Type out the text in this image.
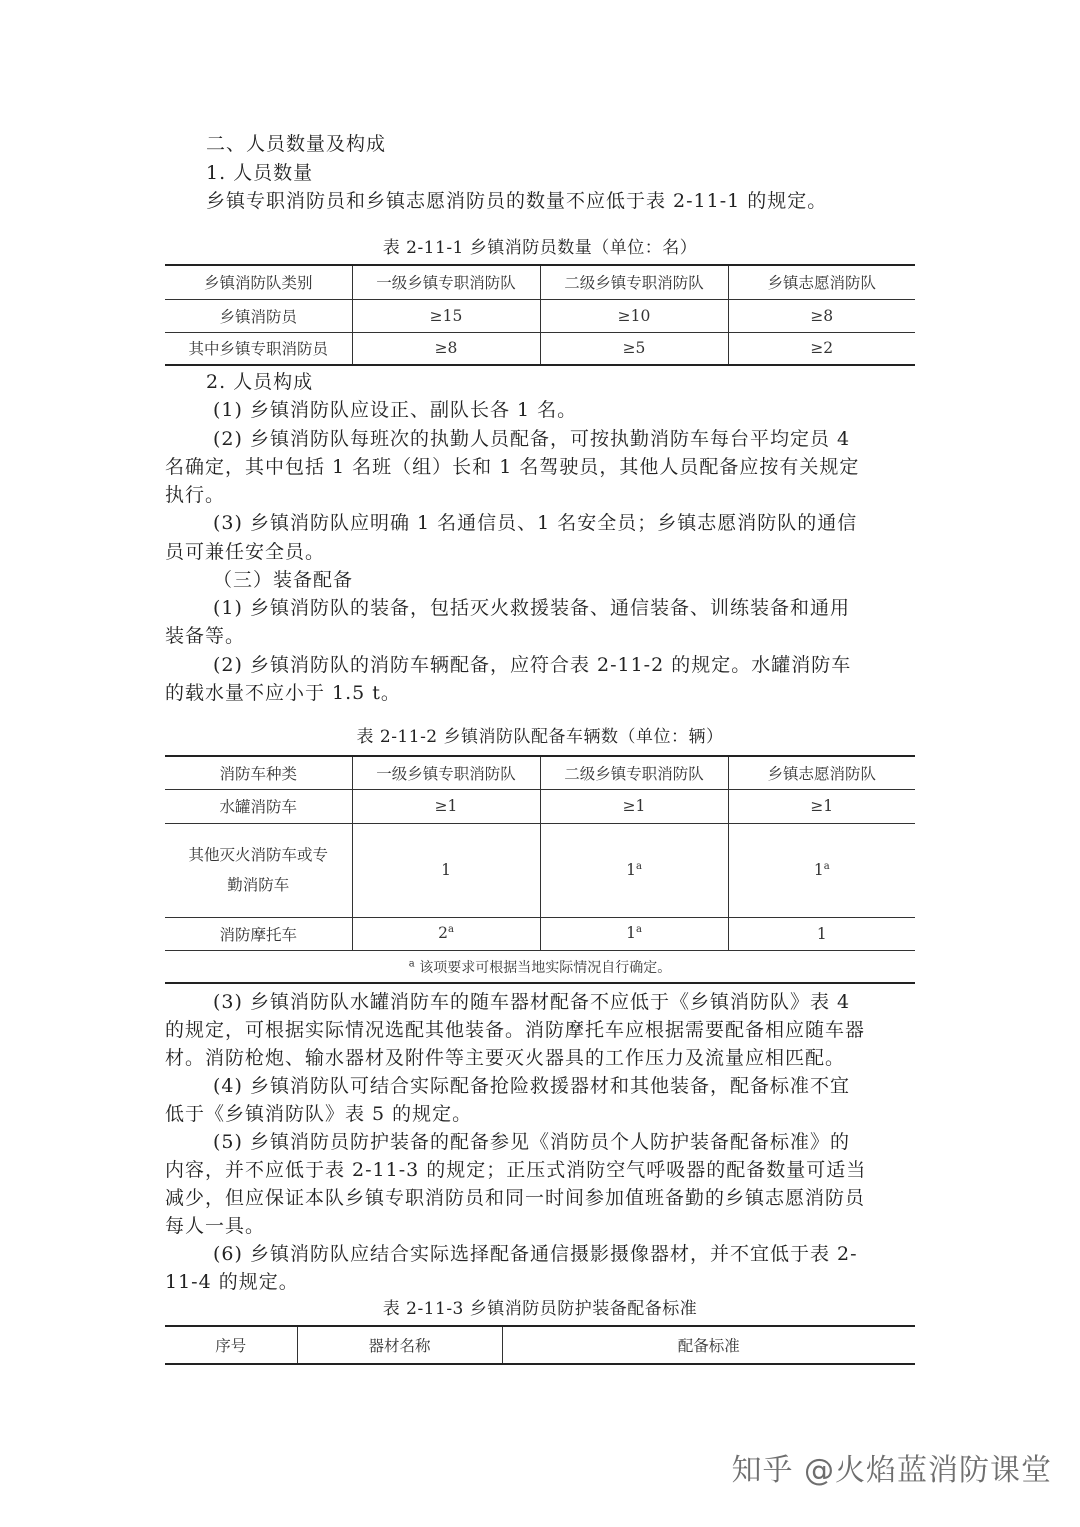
二、人员数量及构成
1. 人员数量
乡镇专职消防员和乡镇志愿消防员的数量不应低于表 2-11-1 的规定。
表 2-11-1 乡镇消防员数量（单位：名）
乡镇消防队类别	一级乡镇专职消防队	二级乡镇专职消防队	乡镇志愿消防队
乡镇消防员	≥15	≥10	≥8
其中乡镇专职消防员	≥8	≥5	≥2
2. 人员构成
(1) 乡镇消防队应设正、副队长各 1 名。
(2) 乡镇消防队每班次的执勤人员配备，可按执勤消防车每台平均定员 4
名确定，其中包括 1 名班（组）长和 1 名驾驶员，其他人员配备应按有关规定
执行。
(3) 乡镇消防队应明确 1 名通信员、1 名安全员；乡镇志愿消防队的通信
员可兼任安全员。
（三）装备配备
(1) 乡镇消防队的装备，包括灭火救援装备、通信装备、训练装备和通用
装备等。
(2) 乡镇消防队的消防车辆配备，应符合表 2-11-2 的规定。水罐消防车
的载水量不应小于 1.5 t。
表 2-11-2 乡镇消防队配备车辆数（单位：辆）
消防车种类	一级乡镇专职消防队	二级乡镇专职消防队	乡镇志愿消防队
水罐消防车	≥1	≥1	≥1

其他灭火消防车或专
勤消防车	1	1$^a$	1$^a$
消防摩托车	2$^a$	1$^a$	1
$^a$ 该项要求可根据当地实际情况自行确定。
(3) 乡镇消防队水罐消防车的随车器材配备不应低于《乡镇消防队》表 4
的规定，可根据实际情况选配其他装备。消防摩托车应根据需要配备相应随车器
材。消防枪炮、输水器材及附件等主要灭火器具的工作压力及流量应相匹配。
(4) 乡镇消防队可结合实际配备抢险救援器材和其他装备，配备标准不宜
低于《乡镇消防队》表 5 的规定。
(5) 乡镇消防员防护装备的配备参见《消防员个人防护装备配备标准》的
内容，并不应低于表 2-11-3 的规定；正压式消防空气呼吸器的配备数量可适当
减少，但应保证本队乡镇专职消防员和同一时间参加值班备勤的乡镇志愿消防员
每人一具。
(6) 乡镇消防队应结合实际选择配备通信摄影摄像器材，并不宜低于表 2-
11-4 的规定。
表 2-11-3 乡镇消防员防护装备配备标准
序号	器材名称	配备标准
知乎 @火焰蓝消防课堂
